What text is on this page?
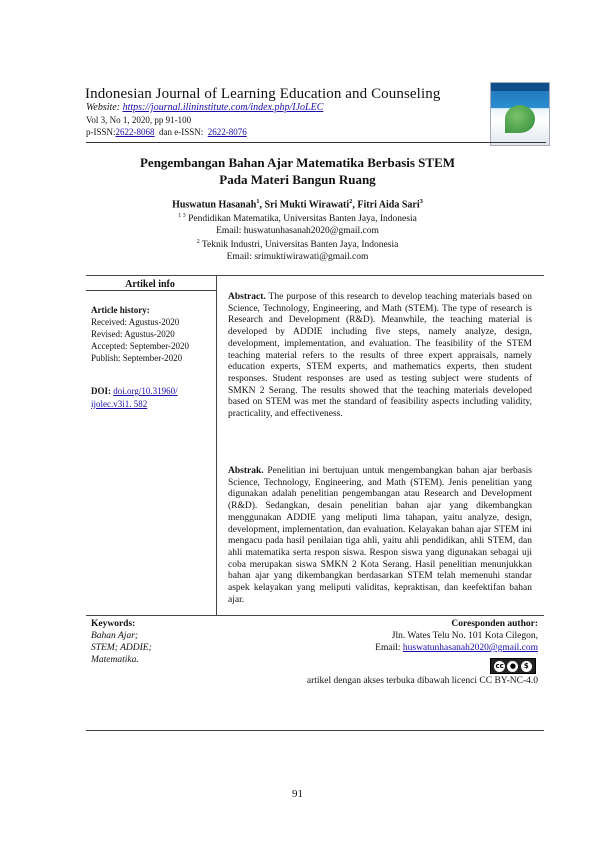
Indonesian Journal of Learning Education and Counseling
Website: https://journal.ilininstitute.com/index.php/IJoLEC
Vol 3, No 1, 2020, pp 91-100
p-ISSN:2622-8068  dan e-ISSN:  2622-8076
Pengembangan Bahan Ajar Matematika Berbasis STEM
Pada Materi Bangun Ruang
Huswatun Hasanah$^1$, Sri Mukti Wirawati$^2$, Fitri Aida Sari$^3$
$^{1 3}$ Pendidikan Matematika, Universitas Banten Jaya, Indonesia
Email: huswatunhasanah2020@gmail.com
$^2$ Teknik Industri, Universitas Banten Jaya, Indonesia
Email: srimuktiwirawati@gmail.com
Artikel info
Article history:
Received: Agustus-2020
Revised: Agustus-2020
Accepted: September-2020
Publish: September-2020
DOI: doi.org/10.31960/ ijolec.v3i1. 582
Abstract. The purpose of this research to develop teaching materials based on Science, Technology, Engineering, and Math (STEM). The type of research is Research and Development (R&D). Meanwhile, the teaching material is developed by ADDIE including five steps, namely analyze, design, development, implementation, and evaluation. The feasibility of the STEM teaching material refers to the results of three expert appraisals, namely education experts, STEM experts, and mathematics experts, then student responses. Student responses are used as testing subject were students of SMKN 2 Serang. The results showed that the teaching materials developed based on STEM was met the standard of feasibility aspects including validity, practicality, and effectiveness.
Abstrak. Penelitian ini bertujuan untuk mengembangkan bahan ajar berbasis Science, Technology, Engineering, and Math (STEM). Jenis penelitian yang digunakan adalah penelitian pengembangan atau Research and Development (R&D). Sedangkan, desain penelitian bahan ajar yang dikembangkan menggunakan ADDIE yang meliputi lima tahapan, yaitu analyze, design, development, implementation, dan evaluation. Kelayakan bahan ajar STEM ini mengacu pada hasil penilaian tiga ahli, yaitu ahli pendidikan, ahli STEM, dan ahli matematika serta respon siswa. Respon siswa yang digunakan sebagai uji coba merupakan siswa SMKN 2 Kota Serang. Hasil penelitian menunjukkan bahan ajar yang dikembangkan berdasarkan STEM telah memenuhi standar aspek kelayakan yang meliputi validitas, kepraktisan, dan keefektifan bahan ajar.
Keywords:
Bahan Ajar;
STEM; ADDIE;
Matematika.
Coresponden author:
Jln. Wates Telu No. 101 Kota Cilegon,
Email: huswatunhasanah2020@gmail.com
cc ●	$
artikel dengan akses terbuka dibawah licenci CC BY-NC-4.0
91
